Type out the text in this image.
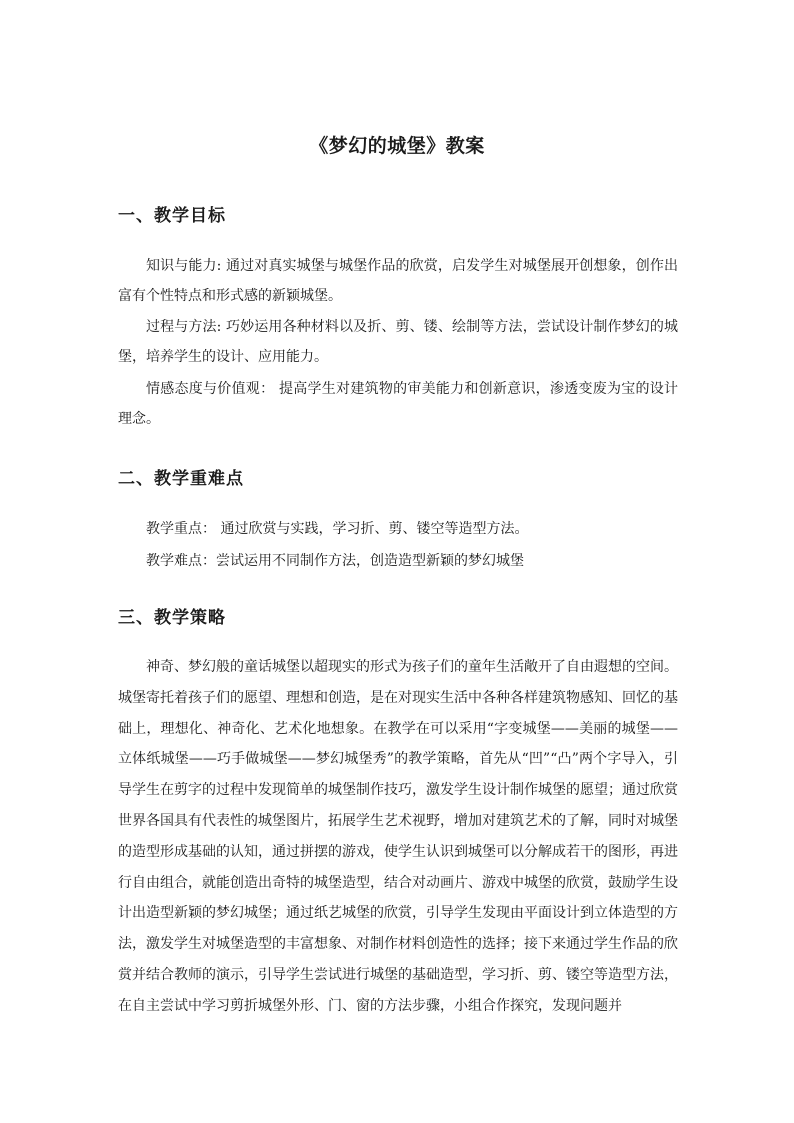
《梦幻的城堡》教案
一、教学目标

知识与能力: 通过对真实城堡与城堡作品的欣赏，启发学生对城堡展开创想象，创作出富有个性特点和形式感的新颖城堡。

过程与方法: 巧妙运用各种材料以及折、剪、镂、绘制等方法，尝试设计制作梦幻的城堡，培养学生的设计、应用能力。

情感态度与价值观： 提高学生对建筑物的审美能力和创新意识，渗透变废为宝的设计理念。

二、教学重难点

教学重点： 通过欣赏与实践，学习折、剪、镂空等造型方法。

教学难点：尝试运用不同制作方法，创造造型新颖的梦幻城堡

三、教学策略

神奇、梦幻般的童话城堡以超现实的形式为孩子们的童年生活敞开了自由遐想的空间。城堡寄托着孩子们的愿望、理想和创造，是在对现实生活中各种各样建筑物感知、回忆的基础上，理想化、神奇化、艺术化地想象。在教学在可以采用“字变城堡——美丽的城堡——立体纸城堡——巧手做城堡——梦幻城堡秀”的教学策略，首先从“凹”“凸”两个字导入，引导学生在剪字的过程中发现简单的城堡制作技巧，激发学生设计制作城堡的愿望；通过欣赏世界各国具有代表性的城堡图片，拓展学生艺术视野，增加对建筑艺术的了解，同时对城堡的造型形成基础的认知，通过拼摆的游戏，使学生认识到城堡可以分解成若干的图形，再进行自由组合，就能创造出奇特的城堡造型，结合对动画片、游戏中城堡的欣赏，鼓励学生设计出造型新颖的梦幻城堡；通过纸艺城堡的欣赏，引导学生发现由平面设计到立体造型的方法，激发学生对城堡造型的丰富想象、对制作材料创造性的选择；接下来通过学生作品的欣赏并结合教师的演示，引导学生尝试进行城堡的基础造型，学习折、剪、镂空等造型方法，在自主尝试中学习剪折城堡外形、门、窗的方法步骤，小组合作探究，发现问题并
